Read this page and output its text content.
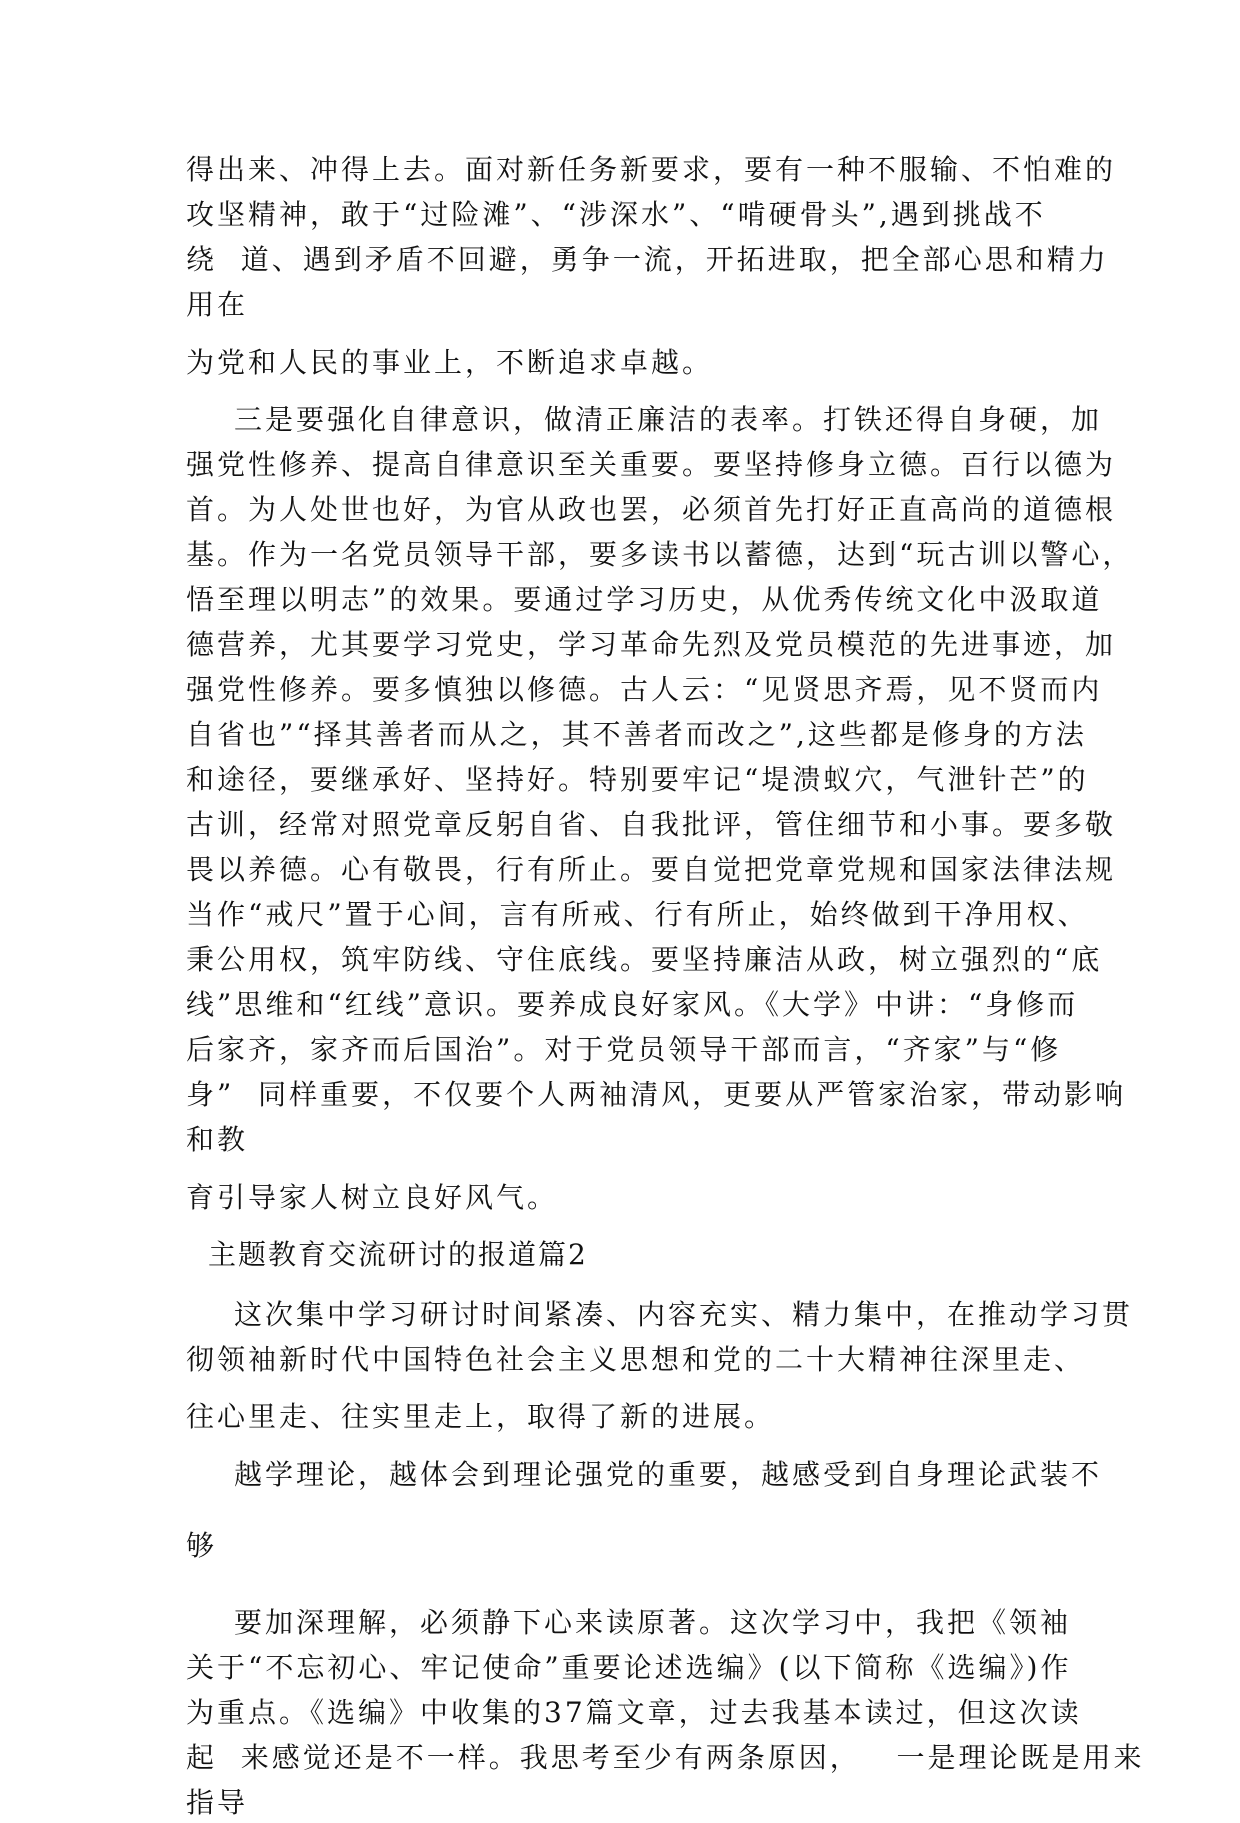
得出来、冲得上去。面对新任务新要求，要有一种不服输、不怕难的
攻坚精神，敢于“过险滩”、“涉深水”、“啃硬骨头”,遇到挑战不
绕  道、遇到矛盾不回避，勇争一流，开拓进取，把全部心思和精力
用在
为党和人民的事业上，不断追求卓越。
三是要强化自律意识，做清正廉洁的表率。打铁还得自身硬，加
强党性修养、提高自律意识至关重要。要坚持修身立德。百行以德为
首。为人处世也好，为官从政也罢，必须首先打好正直高尚的道德根
基。作为一名党员领导干部，要多读书以蓄德，达到“玩古训以警心，
悟至理以明志”的效果。要通过学习历史，从优秀传统文化中汲取道
德营养，尤其要学习党史，学习革命先烈及党员模范的先进事迹，加
强党性修养。要多慎独以修德。古人云：“见贤思齐焉，见不贤而内
自省也”“择其善者而从之，其不善者而改之”,这些都是修身的方法
和途径，要继承好、坚持好。特别要牢记“堤溃蚁穴，气泄针芒”的
古训，经常对照党章反躬自省、自我批评，管住细节和小事。要多敬
畏以养德。心有敬畏，行有所止。要自觉把党章党规和国家法律法规
当作“戒尺”置于心间，言有所戒、行有所止，始终做到干净用权、
秉公用权，筑牢防线、守住底线。要坚持廉洁从政，树立强烈的“底
线”思维和“红线”意识。要养成良好家风。《大学》中讲：“身修而
后家齐，家齐而后国治”。对于党员领导干部而言，“齐家”与“修
身”  同样重要，不仅要个人两袖清风，更要从严管家治家，带动影响
和教
育引导家人树立良好风气。
主题教育交流研讨的报道篇2
这次集中学习研讨时间紧凑、内容充实、精力集中，在推动学习贯
彻领袖新时代中国特色社会主义思想和党的二十大精神往深里走、
往心里走、往实里走上，取得了新的进展。
越学理论，越体会到理论强党的重要，越感受到自身理论武装不
够
要加深理解，必须静下心来读原著。这次学习中，我把《领袖
关于“不忘初心、牢记使命”重要论述选编》(以下简称《选编》)作
为重点。《选编》中收集的37篇文章，过去我基本读过，但这次读
起  来感觉还是不一样。我思考至少有两条原因，   一是理论既是用来
指导
